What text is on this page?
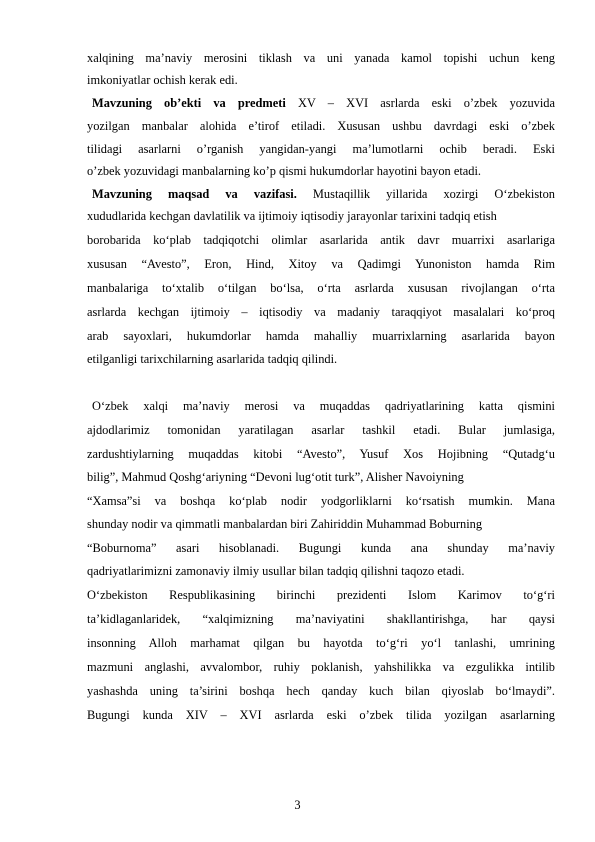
xalqining ma’naviy merosini tiklash va uni yanada kamol topishi uchun keng
imkoniyatlar ochish kerak edi.
Mavzuning ob’ekti va predmeti XV – XVI asrlarda eski o’zbek yozuvida
yozilgan manbalar alohida e’tirof etiladi. Xususan ushbu davrdagi eski o’zbek
tilidagi asarlarni o’rganish yangidan-yangi ma’lumotlarni ochib beradi. Eski
o’zbek yozuvidagi manbalarning ko’p qismi hukumdorlar hayotini bayon etadi.
Mavzuning maqsad va vazifasi. Mustaqillik yillarida xozirgi O‘zbekiston
xududlarida kechgan davlatilik va ijtimoiy iqtisodiy jarayonlar tarixini tadqiq etish
borobarida ko‘plab tadqiqotchi olimlar asarlarida antik davr muarrixi asarlariga
xususan “Avesto”, Eron, Hind, Xitoy va Qadimgi Yunoniston hamda Rim
manbalariga to‘xtalib o‘tilgan bo‘lsa, o‘rta asrlarda xususan rivojlangan o‘rta
asrlarda kechgan ijtimoiy – iqtisodiy va madaniy taraqqiyot masalalari ko‘proq
arab sayoxlari, hukumdorlar hamda mahalliy muarrixlarning asarlarida bayon
etilganligi tarixchilarning asarlarida tadqiq qilindi.
O‘zbek xalqi ma’naviy merosi va muqaddas qadriyatlarining katta qismini
ajdodlarimiz tomonidan yaratilagan asarlar tashkil etadi. Bular jumlasiga,
zardushtiylarning muqaddas kitobi “Avesto”, Yusuf Xos Hojibning “Qutadg‘u
bilig”, Mahmud Qoshg‘ariyning “Devoni lug‘otit turk”, Alisher Navoiyning
“Xamsa”si va boshqa ko‘plab nodir yodgorliklarni ko‘rsatish mumkin. Mana
shunday nodir va qimmatli manbalardan biri Zahiriddin Muhammad Boburning
“Boburnoma” asari hisoblanadi. Bugungi kunda ana shunday ma’naviy
qadriyatlarimizni zamonaviy ilmiy usullar bilan tadqiq qilishni taqozo etadi.
O‘zbekiston Respublikasining birinchi prezidenti Islom Karimov to‘g‘ri
ta’kidlaganlaridek, “xalqimizning ma’naviyatini shakllantirishga, har qaysi
insonning Alloh marhamat qilgan bu hayotda to‘g‘ri yo‘l tanlashi, umrining
mazmuni anglashi, avvalombor, ruhiy poklanish, yahshilikka va ezgulikka intilib
yashashda uning ta’sirini boshqa hech qanday kuch bilan qiyoslab bo‘lmaydi”.
Bugungi kunda XIV – XVI asrlarda eski o’zbek tilida yozilgan asarlarning
3
